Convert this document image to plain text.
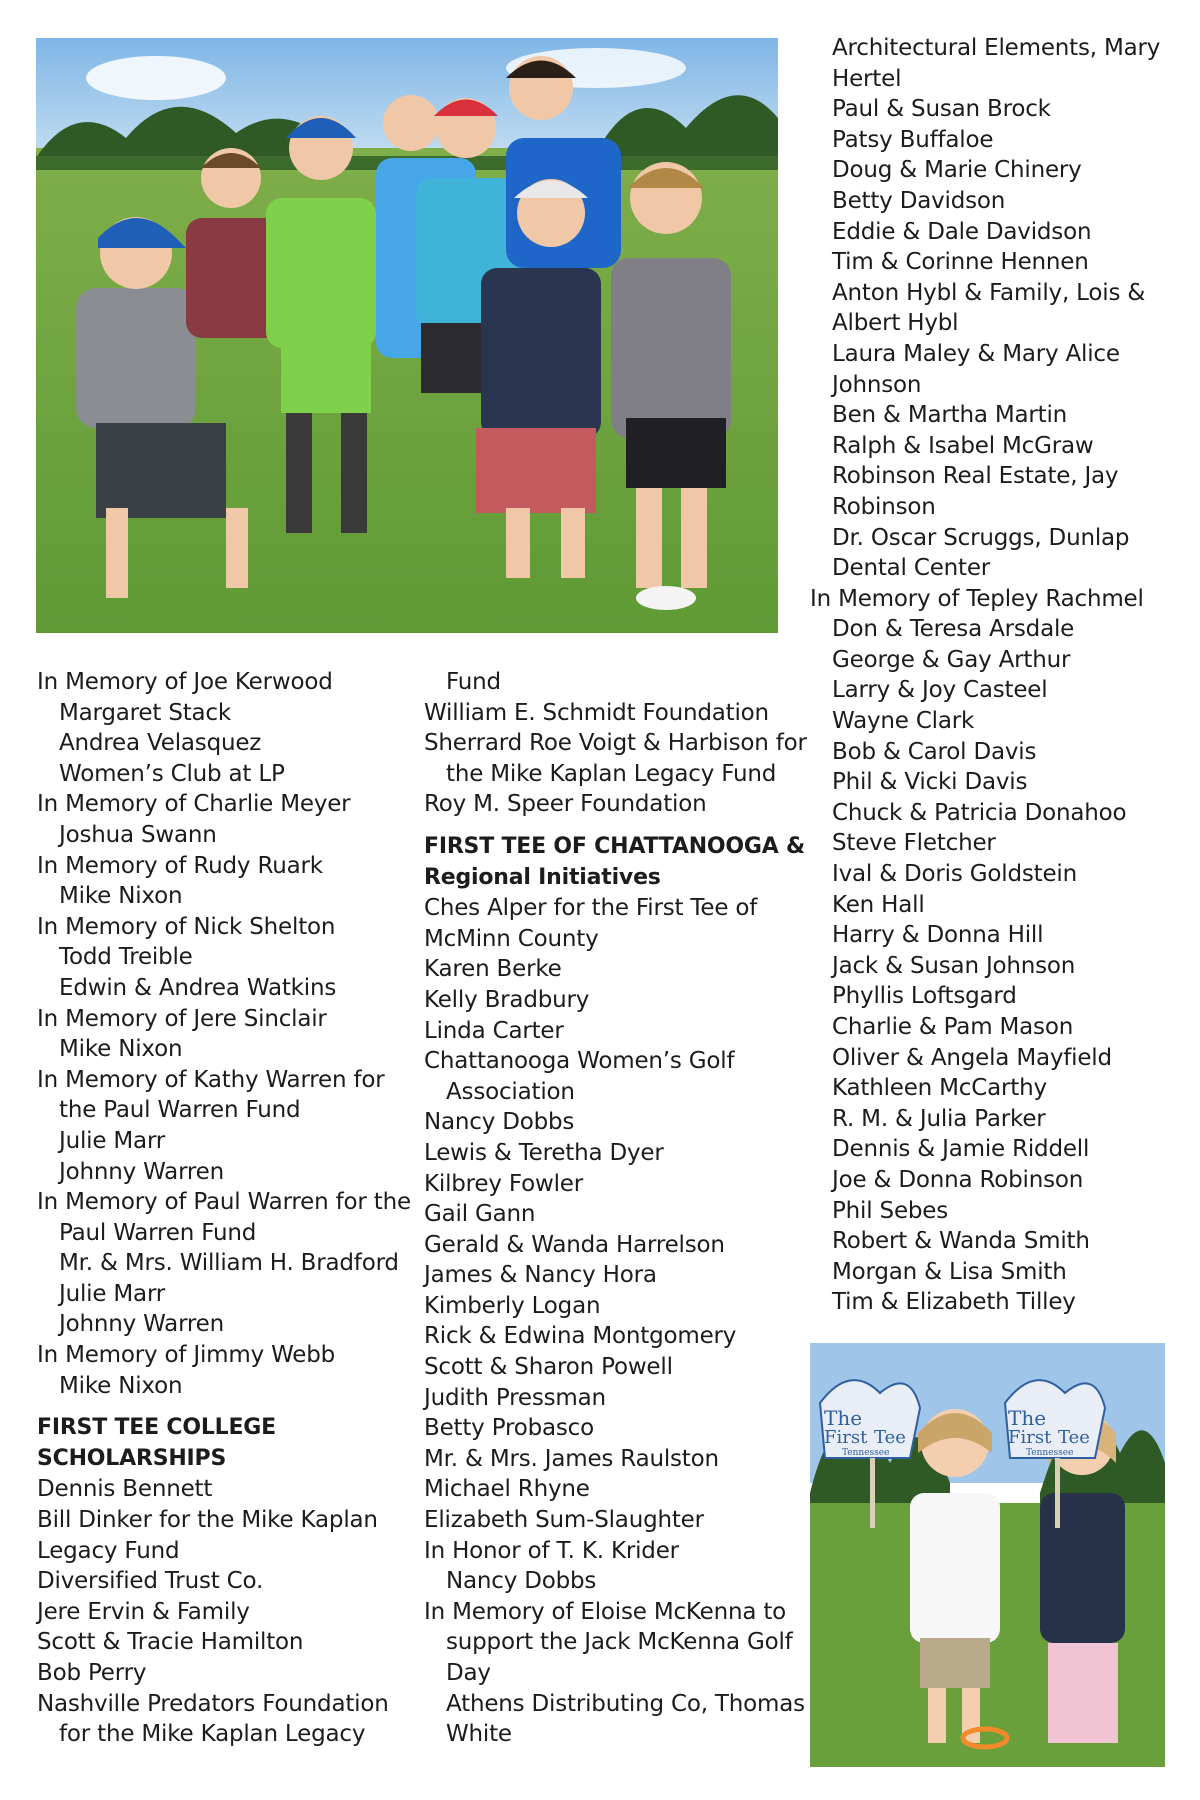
The
First Tee
Tennessee
The
First Tee
Tennessee
In Memory of Joe Kerwood
Margaret Stack
Andrea Velasquez
Women’s Club at LP
In Memory of Charlie Meyer
Joshua Swann
In Memory of Rudy Ruark
Mike Nixon
In Memory of Nick Shelton
Todd Treible
Edwin & Andrea Watkins
In Memory of Jere Sinclair
Mike Nixon
In Memory of Kathy Warren for
the Paul Warren Fund
Julie Marr
Johnny Warren
In Memory of Paul Warren for the
Paul Warren Fund
Mr. & Mrs. William H. Bradford
Julie Marr
Johnny Warren
In Memory of Jimmy Webb
Mike Nixon
FIRST TEE COLLEGE
SCHOLARSHIPS
Dennis Bennett
Bill Dinker for the Mike Kaplan
Legacy Fund
Diversified Trust Co.
Jere Ervin & Family
Scott & Tracie Hamilton
Bob Perry
Nashville Predators Foundation
for the Mike Kaplan Legacy
Fund
William E. Schmidt Foundation
Sherrard Roe Voigt & Harbison for
the Mike Kaplan Legacy Fund
Roy M. Speer Foundation
FIRST TEE OF CHATTANOOGA &
Regional Initiatives
Ches Alper for the First Tee of
McMinn County
Karen Berke
Kelly Bradbury
Linda Carter
Chattanooga Women’s Golf
Association
Nancy Dobbs
Lewis & Teretha Dyer
Kilbrey Fowler
Gail Gann
Gerald & Wanda Harrelson
James & Nancy Hora
Kimberly Logan
Rick & Edwina Montgomery
Scott & Sharon Powell
Judith Pressman
Betty Probasco
Mr. & Mrs. James Raulston
Michael Rhyne
Elizabeth Sum-Slaughter
In Honor of T. K. Krider
Nancy Dobbs
In Memory of Eloise McKenna to
support the Jack McKenna Golf
Day
Athens Distributing Co, Thomas
White
Architectural Elements, Mary
Hertel
Paul & Susan Brock
Patsy Buffaloe
Doug & Marie Chinery
Betty Davidson
Eddie & Dale Davidson
Tim & Corinne Hennen
Anton Hybl & Family, Lois &
Albert Hybl
Laura Maley & Mary Alice
Johnson
Ben & Martha Martin
Ralph & Isabel McGraw
Robinson Real Estate, Jay
Robinson
Dr. Oscar Scruggs, Dunlap
Dental Center
In Memory of Tepley Rachmel
Don & Teresa Arsdale
George & Gay Arthur
Larry & Joy Casteel
Wayne Clark
Bob & Carol Davis
Phil & Vicki Davis
Chuck & Patricia Donahoo
Steve Fletcher
Ival & Doris Goldstein
Ken Hall
Harry & Donna Hill
Jack & Susan Johnson
Phyllis Loftsgard
Charlie & Pam Mason
Oliver & Angela Mayfield
Kathleen McCarthy
R. M. & Julia Parker
Dennis & Jamie Riddell
Joe & Donna Robinson
Phil Sebes
Robert & Wanda Smith
Morgan & Lisa Smith
Tim & Elizabeth Tilley
